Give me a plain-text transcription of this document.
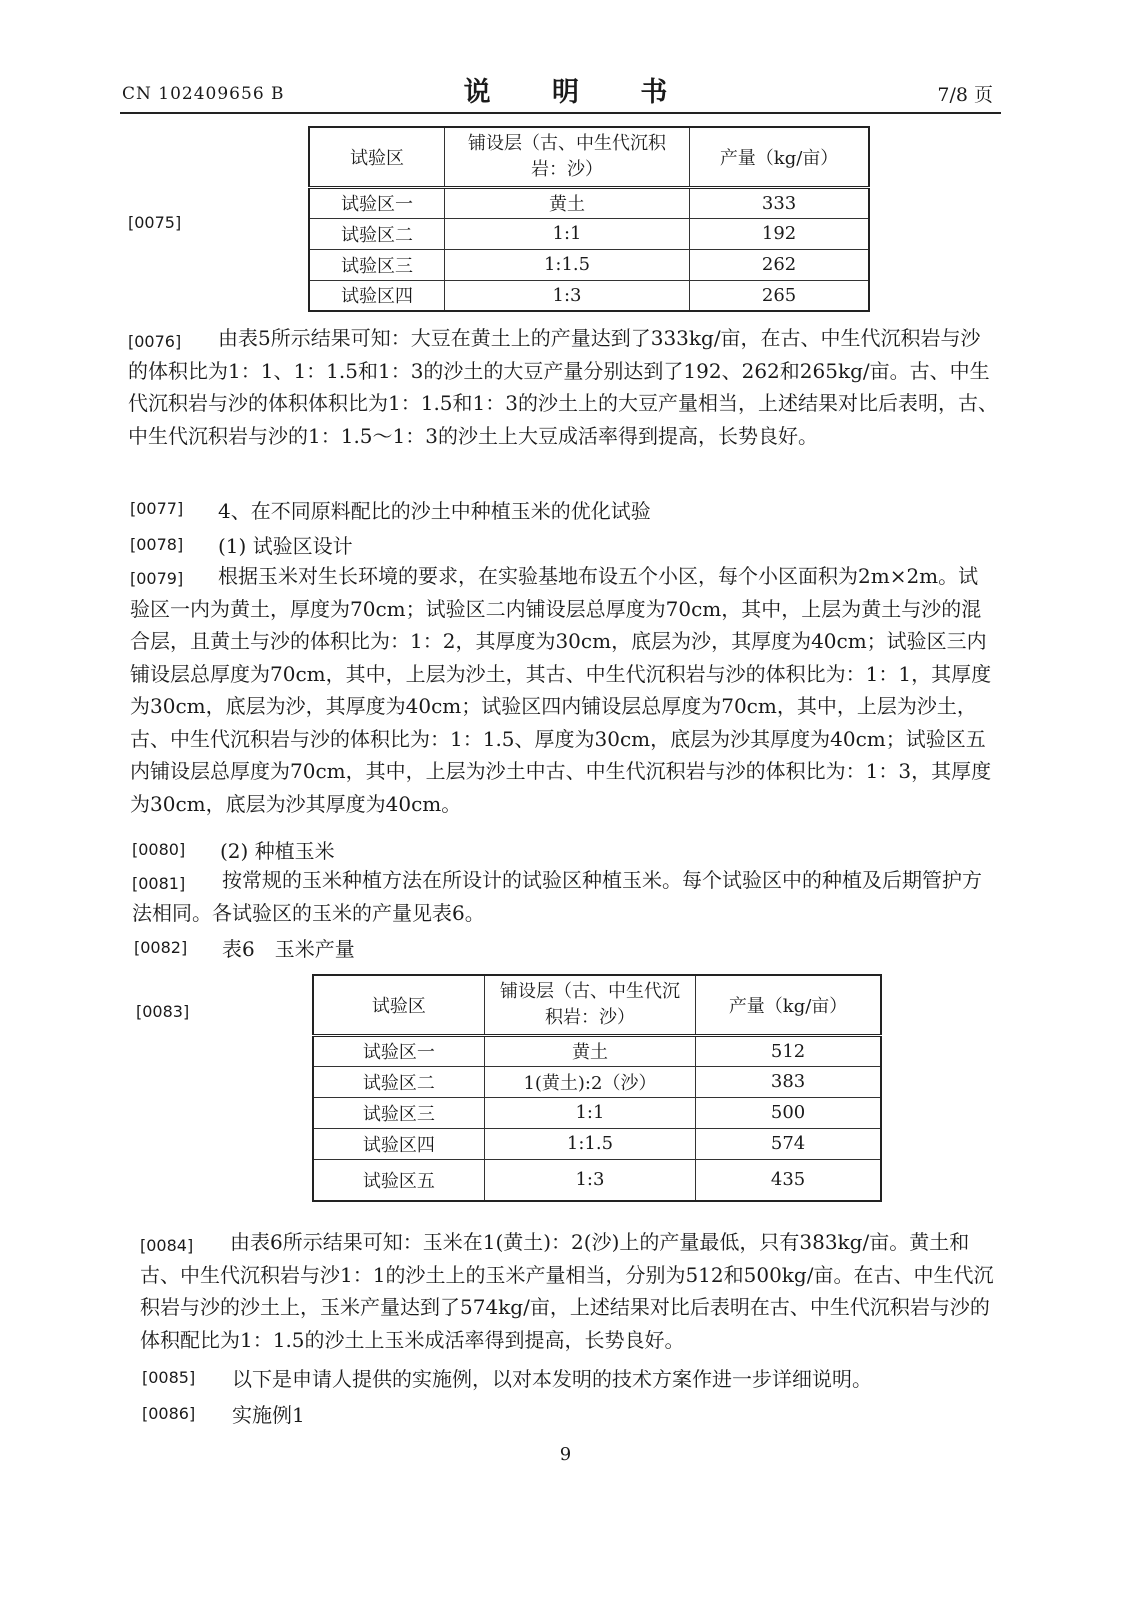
CN 102409656 B	说 明 书	7/8 页
[0075]
试验区	铺设层（古、中生代沉积岩：沙）	产量（kg/亩）
试验区一	黄土	333
试验区二	1:1	192
试验区三	1:1.5	262
试验区四	1:3	265
[0076]	由表5所示结果可知：大豆在黄土上的产量达到了333kg/亩，在古、中生代沉积岩与沙的体积比为1：1、1：1.5和1：3的沙土的大豆产量分别达到了192、262和265kg/亩。古、中生代沉积岩与沙的体积体积比为1：1.5和1：3的沙土上的大豆产量相当，上述结果对比后表明，古、中生代沉积岩与沙的1：1.5～1：3的沙土上大豆成活率得到提高，长势良好。
[0077] 4、在不同原料配比的沙土中种植玉米的优化试验
[0078] (1) 试验区设计
[0079]	根据玉米对生长环境的要求，在实验基地布设五个小区，每个小区面积为2m×2m。试验区一内为黄土，厚度为70cm；试验区二内铺设层总厚度为70cm，其中，上层为黄土与沙的混合层，且黄土与沙的体积比为：1：2，其厚度为30cm，底层为沙，其厚度为40cm；试验区三内铺设层总厚度为70cm，其中，上层为沙土，其古、中生代沉积岩与沙的体积比为：1：1，其厚度为30cm，底层为沙，其厚度为40cm；试验区四内铺设层总厚度为70cm，其中，上层为沙土，古、中生代沉积岩与沙的体积比为：1：1.5、厚度为30cm，底层为沙其厚度为40cm；试验区五内铺设层总厚度为70cm，其中，上层为沙土中古、中生代沉积岩与沙的体积比为：1：3，其厚度为30cm，底层为沙其厚度为40cm。
[0080] (2) 种植玉米
[0081]	按常规的玉米种植方法在所设计的试验区种植玉米。每个试验区中的种植及后期管护方法相同。各试验区的玉米的产量见表6。
[0082] 表6　玉米产量
[0083]	试验区	铺设层（古、中生代沉积岩：沙）	产量（kg/亩）
试验区一	黄土	512
试验区二	1(黄土):2（沙）	383
试验区三	1:1	500
试验区四	1:1.5	574
试验区五	1:3	435
[0084]	由表6所示结果可知：玉米在1(黄土)：2(沙)上的产量最低，只有383kg/亩。黄土和古、中生代沉积岩与沙1：1的沙土上的玉米产量相当，分别为512和500kg/亩。在古、中生代沉积岩与沙的沙土上，玉米产量达到了574kg/亩，上述结果对比后表明在古、中生代沉积岩与沙的体积配比为1：1.5的沙土上玉米成活率得到提高，长势良好。
[0085] 以下是申请人提供的实施例，以对本发明的技术方案作进一步详细说明。
[0086] 实施例1
9
